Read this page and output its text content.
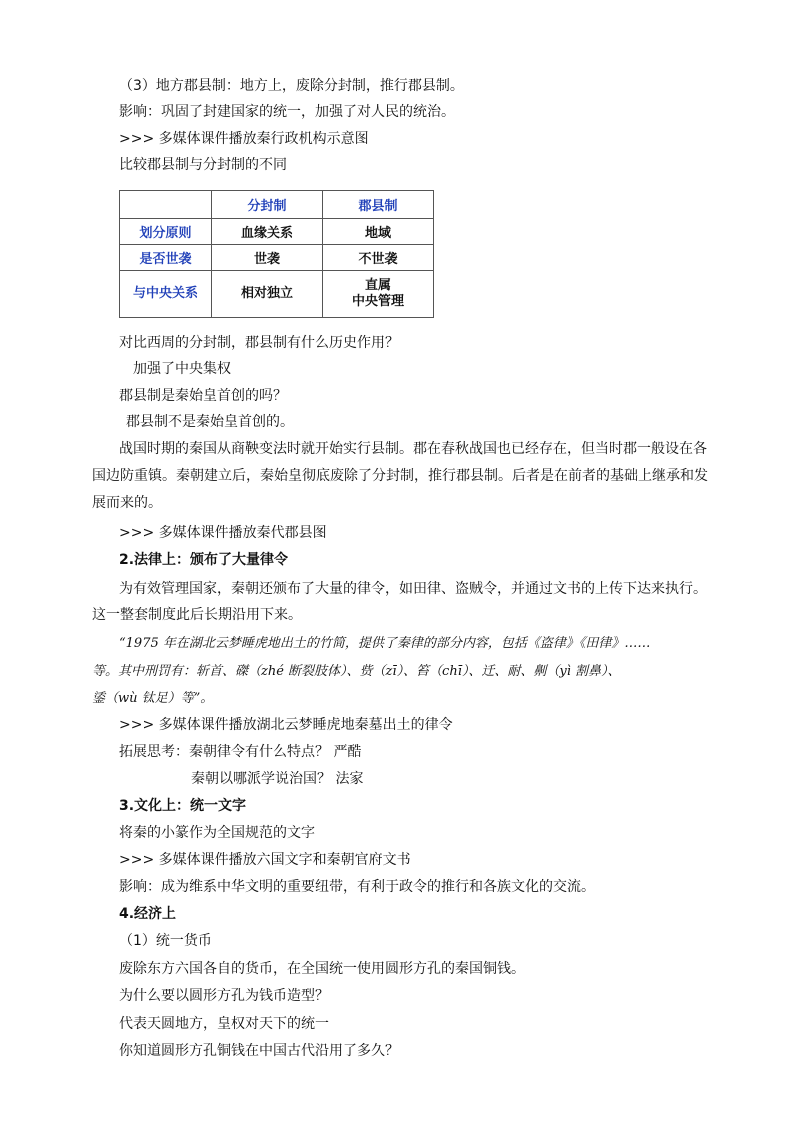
（3）地方郡县制：地方上，废除分封制，推行郡县制。
影响：巩固了封建国家的统一，加强了对人民的统治。
>>> 多媒体课件播放秦行政机构示意图
比较郡县制与分封制的不同
	分封制	郡县制
划分原则	血缘关系	地域
是否世袭	世袭	不世袭
与中央关系	相对独立	直属
中央管理
对比西周的分封制，郡县制有什么历史作用？
加强了中央集权
郡县制是秦始皇首创的吗？
郡县制不是秦始皇首创的。
战国时期的秦国从商鞅变法时就开始实行县制。郡在春秋战国也已经存在，但当时郡一般设在各
国边防重镇。秦朝建立后，秦始皇彻底废除了分封制，推行郡县制。后者是在前者的基础上继承和发
展而来的。
>>> 多媒体课件播放秦代郡县图
2.法律上：颁布了大量律令
为有效管理国家，秦朝还颁布了大量的律令，如田律、盗贼令，并通过文书的上传下达来执行。
这一整套制度此后长期沿用下来。
“1975 年在湖北云梦睡虎地出土的竹简，提供了秦律的部分内容，包括《盗律》《田律》……
等。其中刑罚有：斩首、磔（zhé 断裂肢体）、赀（zī）、笞（chī）、迁、耐、劓（yì 割鼻）、
鋈（wù 钛足）等”。
>>> 多媒体课件播放湖北云梦睡虎地秦墓出土的律令
拓展思考：秦朝律令有什么特点？ 严酷
秦朝以哪派学说治国？ 法家
3.文化上：统一文字
将秦的小篆作为全国规范的文字
>>> 多媒体课件播放六国文字和秦朝官府文书
影响：成为维系中华文明的重要纽带，有利于政令的推行和各族文化的交流。
4.经济上
（1）统一货币
废除东方六国各自的货币，在全国统一使用圆形方孔的秦国铜钱。
为什么要以圆形方孔为钱币造型？
代表天圆地方，皇权对天下的统一
你知道圆形方孔铜钱在中国古代沿用了多久？
